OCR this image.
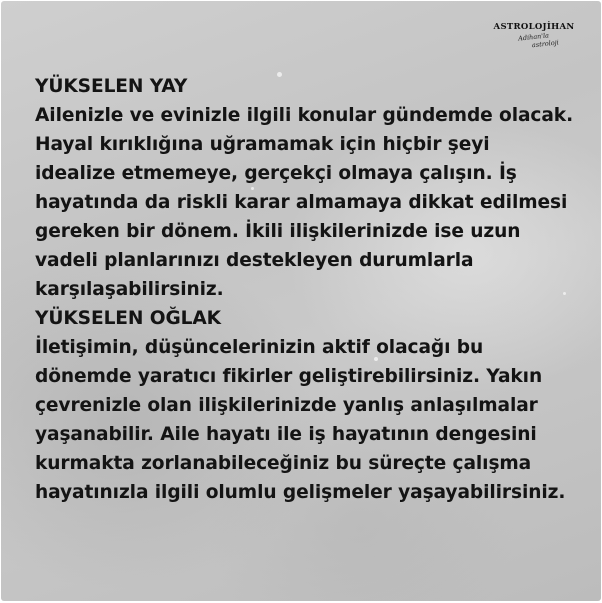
ASTROLOJİHAN
Adihan'la
astroloji
YÜKSELEN YAY
Ailenizle ve evinizle ilgili konular gündemde olacak.
Hayal kırıklığına uğramamak için hiçbir şeyi
idealize etmemeye, gerçekçi olmaya çalışın. İş
hayatında da riskli karar almamaya dikkat edilmesi
gereken bir dönem. İkili ilişkilerinizde ise uzun
vadeli planlarınızı destekleyen durumlarla
karşılaşabilirsiniz.
YÜKSELEN OĞLAK
İletişimin, düşüncelerinizin aktif olacağı bu
dönemde yaratıcı fikirler geliştirebilirsiniz. Yakın
çevrenizle olan ilişkilerinizde yanlış anlaşılmalar
yaşanabilir. Aile hayatı ile iş hayatının dengesini
kurmakta zorlanabileceğiniz bu süreçte çalışma
hayatınızla ilgili olumlu gelişmeler yaşayabilirsiniz.
